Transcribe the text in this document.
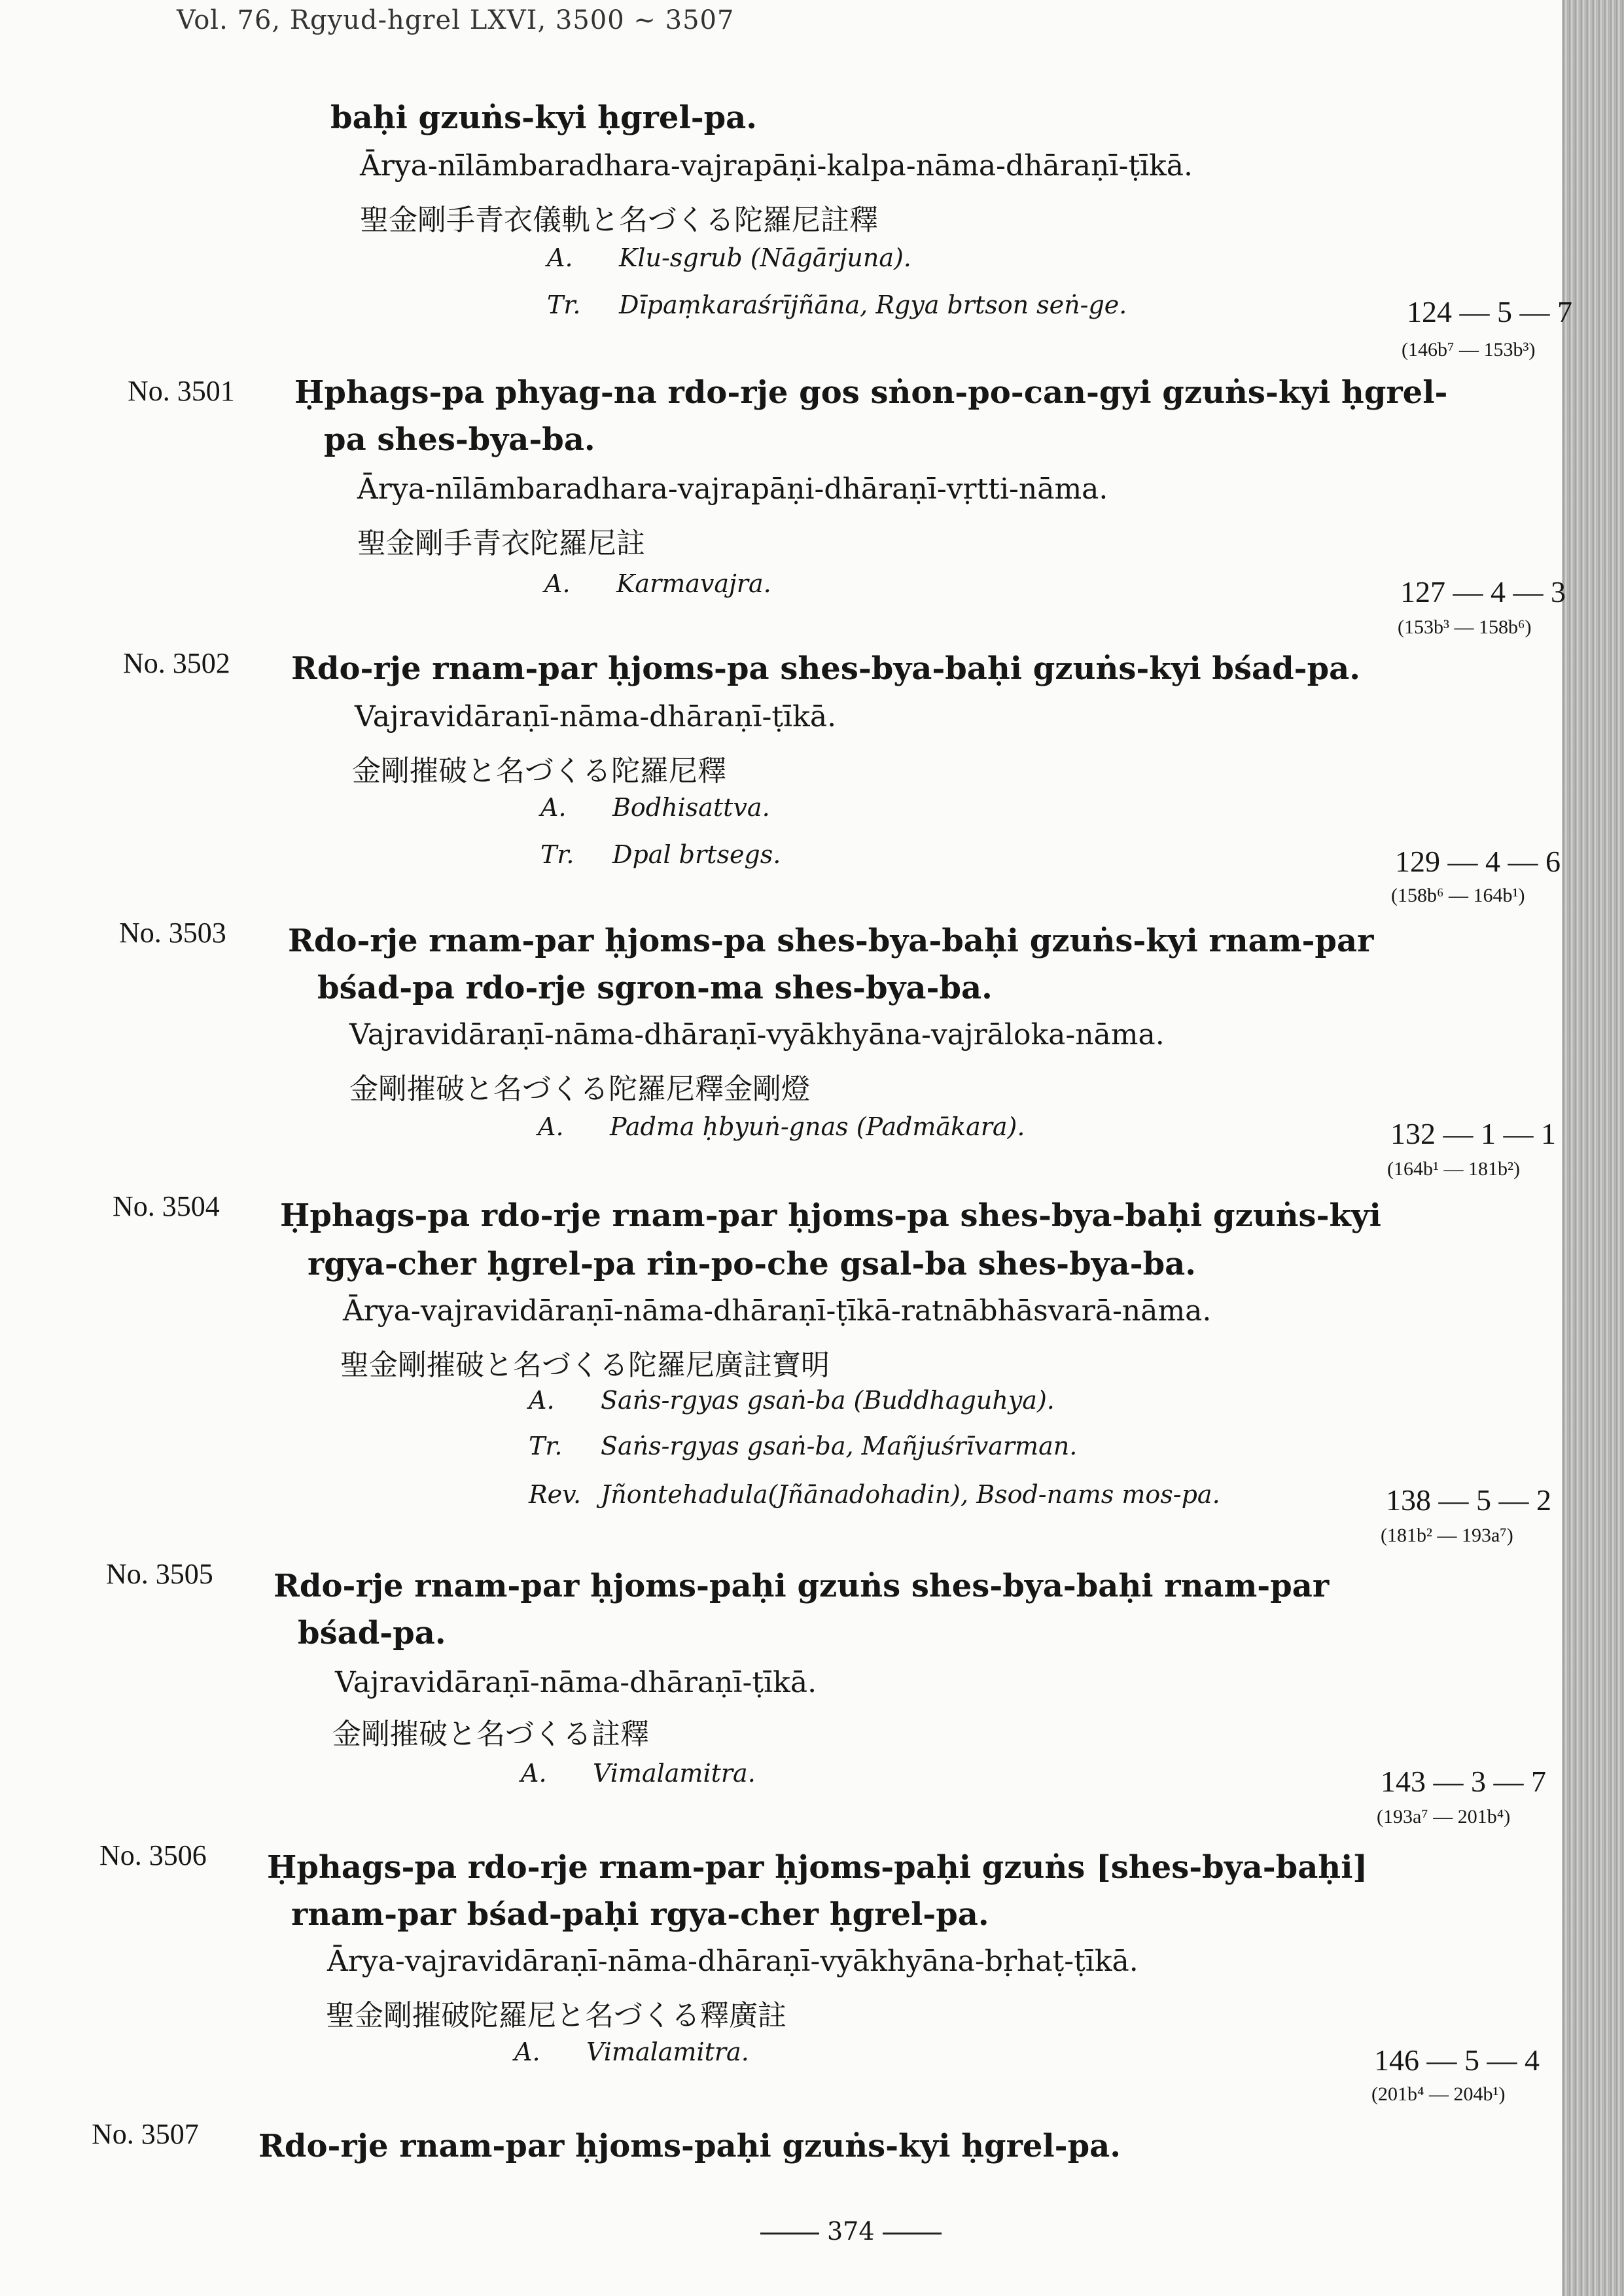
Vol. 76, Rgyud-hgrel LXVI, 3500 ~ 3507
baḥi gzuṅs-kyi ḥgrel-pa.
Ārya-nīlāmbaradhara-vajrapāṇi-kalpa-nāma-dhāraṇī-ṭīkā.
聖金剛手青衣儀軌と名づくる陀羅尼註釋
A. Klu-sgrub (Nāgārjuna).
Tr. Dīpaṃkaraśrījñāna, Rgya brtson seṅ-ge.	124 — 5 — 7
(146b⁷ — 153b³)
No. 3501 Ḥphags-pa phyag-na rdo-rje gos sṅon-po-can-gyi gzuṅs-kyi ḥgrel-
pa shes-bya-ba.
Ārya-nīlāmbaradhara-vajrapāṇi-dhāraṇī-vṛtti-nāma.
聖金剛手青衣陀羅尼註
A. Karmavajra.	127 — 4 — 3
(153b³ — 158b⁶)
No. 3502 Rdo-rje rnam-par ḥjoms-pa shes-bya-baḥi gzuṅs-kyi bśad-pa.
Vajravidāraṇī-nāma-dhāraṇī-ṭīkā.
金剛摧破と名づくる陀羅尼釋
A. Bodhisattva.
Tr. Dpal brtsegs.	129 — 4 — 6
(158b⁶ — 164b¹)
No. 3503 Rdo-rje rnam-par ḥjoms-pa shes-bya-baḥi gzuṅs-kyi rnam-par
bśad-pa rdo-rje sgron-ma shes-bya-ba.
Vajravidāraṇī-nāma-dhāraṇī-vyākhyāna-vajrāloka-nāma.
金剛摧破と名づくる陀羅尼釋金剛燈
A. Padma ḥbyuṅ-gnas (Padmākara).	132 — 1 — 1
(164b¹ — 181b²)
No. 3504 Ḥphags-pa rdo-rje rnam-par ḥjoms-pa shes-bya-baḥi gzuṅs-kyi
rgya-cher ḥgrel-pa rin-po-che gsal-ba shes-bya-ba.
Ārya-vajravidāraṇī-nāma-dhāraṇī-ṭīkā-ratnābhāsvarā-nāma.
聖金剛摧破と名づくる陀羅尼廣註寶明
A. Saṅs-rgyas gsaṅ-ba (Buddhaguhya).
Tr. Saṅs-rgyas gsaṅ-ba, Mañjuśrīvarman.
Rev. Jñontehadula(Jñānadohadin), Bsod-nams mos-pa.	138 — 5 — 2
(181b² — 193a⁷)
No. 3505 Rdo-rje rnam-par ḥjoms-paḥi gzuṅs shes-bya-baḥi rnam-par
bśad-pa.
Vajravidāraṇī-nāma-dhāraṇī-ṭīkā.
金剛摧破と名づくる註釋
A. Vimalamitra.	143 — 3 — 7
(193a⁷ — 201b⁴)
No. 3506 Ḥphags-pa rdo-rje rnam-par ḥjoms-paḥi gzuṅs [shes-bya-baḥi]
rnam-par bśad-paḥi rgya-cher ḥgrel-pa.
Ārya-vajravidāraṇī-nāma-dhāraṇī-vyākhyāna-bṛhaṭ-ṭīkā.
聖金剛摧破陀羅尼と名づくる釋廣註
A. Vimalamitra.	146 — 5 — 4
(201b⁴ — 204b¹)
No. 3507 Rdo-rje rnam-par ḥjoms-paḥi gzuṅs-kyi ḥgrel-pa.
374
